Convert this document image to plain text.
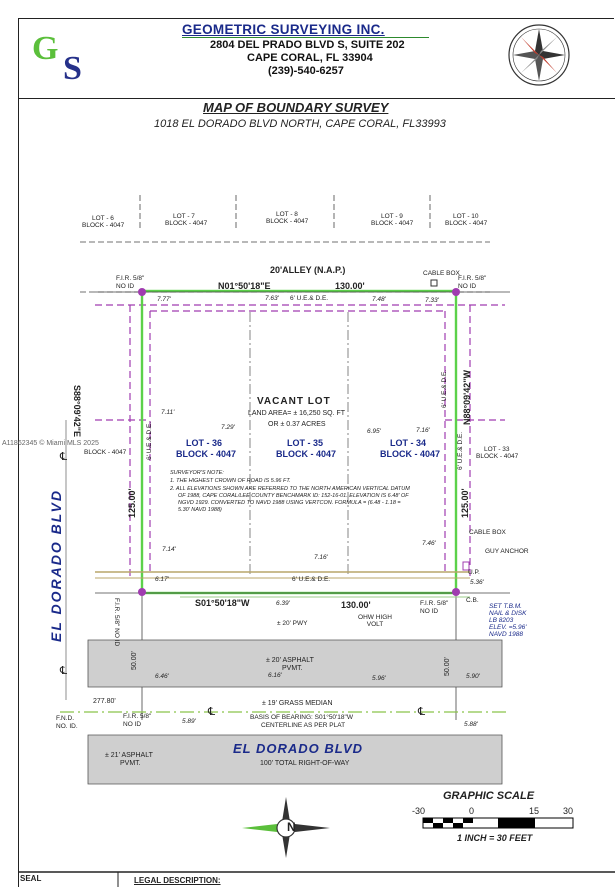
G
S
GEOMETRIC SURVEYING INC.
2804 DEL PRADO BLVD S, SUITE 202
CAPE CORAL, FL 33904
(239)-540-6257
MAP OF BOUNDARY SURVEY
1018 EL DORADO BLVD NORTH, CAPE CORAL, FL33993
N
LOT - 6
BLOCK - 4047
LOT - 7
BLOCK - 4047
LOT - 8
BLOCK - 4047
LOT - 9
BLOCK - 4047
LOT - 10
BLOCK - 4047
20'ALLEY (N.A.P.)
F.I.R. 5/8"
NO ID
CABLE BOX
F.I.R. 5/8"
NO ID
N01°50'18"E	130.00'
S01°50'18"W	130.00'
S88°09'42"E	N88°09'42"W
125.00'	125.00'
6' U.E.& D.E.
6' U.E.& D.E.
6' U.E.& D.E.
6' U.E.& D.E.
6' U.E.& D.E.
7.77'	7.63'	7.48'	7.33'
7.11'
7.29'
6.95'	7.16'
7.14'
7.16'
7.46'
6.17'
6.39'
5.36'
6.46'	6.16'	5.96'	5.90'
5.89'	5.88'
VACANT LOT
LAND AREA= ± 16,250 SQ. FT
OR ± 0.37 ACRES
LOT - 36
BLOCK - 4047
LOT - 35
BLOCK - 4047
LOT - 34
BLOCK - 4047	LOT - 33
BLOCK - 4047
BLOCK - 4047
A11862345 © Miami MLS 2025
SURVEYOR'S NOTE:
1. THE HIGHEST CROWN OF ROAD IS 5.96 FT.
2. ALL ELEVATIONS SHOWN ARE REFERRED TO THE NORTH AMERICAN VERTICAL DATUM
OF 1988, CAPE CORAL/LEE COUNTY BENCHMARK ID: 152-16-01. ELEVATION IS 6.48' OF
NGVD 1929. CONVERTED TO NAVD 1988 USING VERTCON. FORMULA = (6.48 - 1.18 =
5.30' NAVD 1988)
CABLE BOX
GUY ANCHOR
U.P.
C.B.
F.I.R. 5/8"
NO ID
F.I.R. 5/8" NO ID	± 20' PWY
OHW HIGH VOLT
SET T.B.M.
NAIL & DISK
LB 8203
ELEV. =5.96'
NAVD 1988
± 20' ASPHALT
PVMT.
50.00'	50.00'
± 19' GRASS MEDIAN
277.80'
F.N.D.
NO. ID.
F.I.R. 5/8"
NO ID
BASIS OF BEARING: S01°50'18"W
CENTERLINE AS PER PLAT
EL DORADO BLVD
100' TOTAL RIGHT-OF-WAY
± 21' ASPHALT
PVMT.
EL DORADO BLVD
℄
℄
℄	℄
GRAPHIC SCALE
-30	0	15	30
1 INCH = 30 FEET
SEAL	LEGAL DESCRIPTION:
